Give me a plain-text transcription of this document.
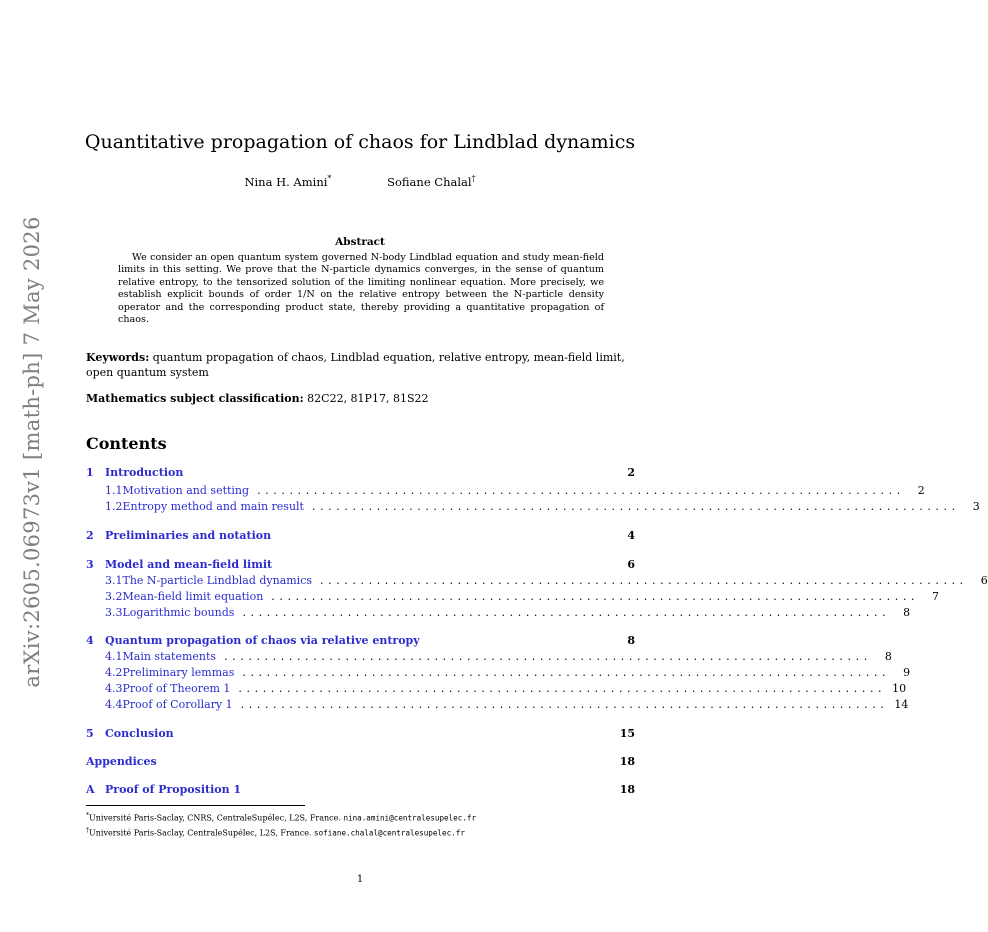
arXiv:2605.06973v1 [math-ph] 7 May 2026
Quantitative propagation of chaos for Lindblad dynamics
Nina H. Amini*	Sofiane Chalal†
Abstract
We consider an open quantum system governed N-body Lindblad equation and study mean-field limits in this setting. We prove that the N-particle dynamics converges, in the sense of quantum relative entropy, to the tensorized solution of the limiting nonlinear equation. More precisely, we establish explicit bounds of order 1/N on the relative entropy between the N-particle density operator and the corresponding product state, thereby providing a quantitative propagation of chaos.
Keywords: quantum propagation of chaos, Lindblad equation, relative entropy, mean-field limit, open quantum system
Mathematics subject classification: 82C22, 81P17, 81S22
Contents
1	Introduction	2
1.1 Motivation and setting ................................................................................	2
1.2 Entropy method and main result ................................................................................	3
2	Preliminaries and notation	4
3	Model and mean-field limit	6
3.1 The N-particle Lindblad dynamics ................................................................................	6
3.2 Mean-field limit equation ................................................................................	7
3.3 Logarithmic bounds ................................................................................	8
4	Quantum propagation of chaos via relative entropy	8
4.1 Main statements ................................................................................	8
4.2 Preliminary lemmas ................................................................................	9
4.3 Proof of Theorem 1 ................................................................................ 10
4.4 Proof of Corollary 1 ................................................................................ 14
5	Conclusion	15
Appendices	18
A Proof of Proposition 1	18
*Université Paris-Saclay, CNRS, CentraleSupélec, L2S, France. nina.amini@centralesupelec.fr
†Université Paris-Saclay, CentraleSupélec, L2S, France. sofiane.chalal@centralesupelec.fr
1
